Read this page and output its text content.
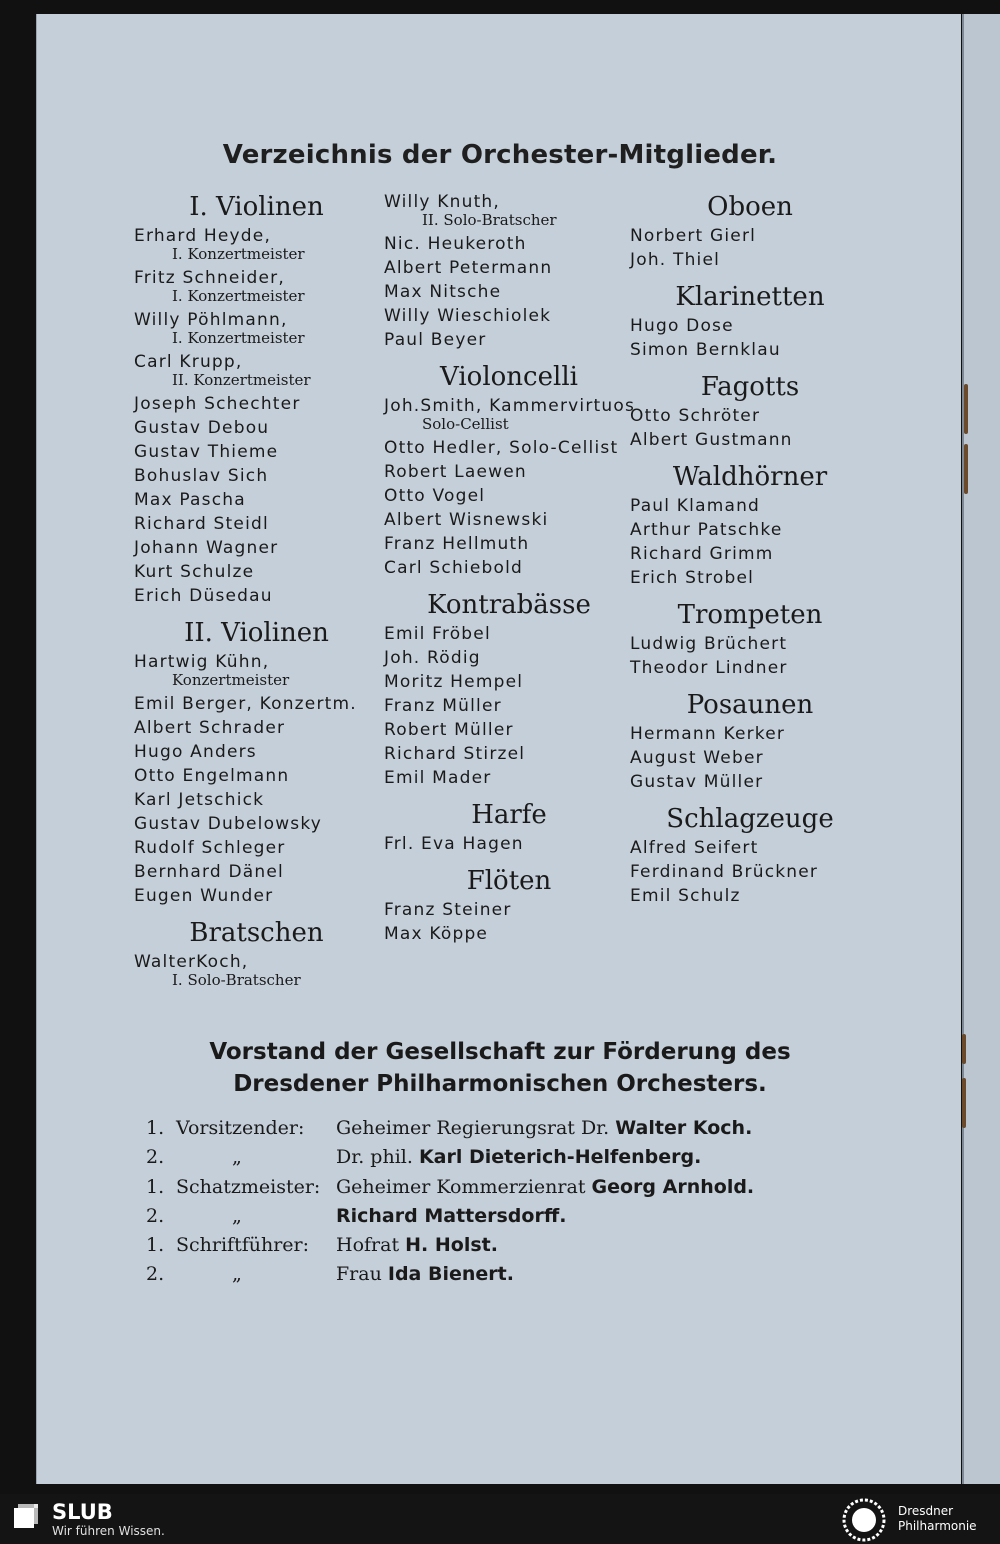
Verzeichnis der Orchester-Mitglieder.
I. Violinen
Erhard Heyde,
I. Konzertmeister
Fritz Schneider,
I. Konzertmeister
Willy Pöhlmann,
I. Konzertmeister
Carl Krupp,
II. Konzertmeister
Joseph Schechter
Gustav Debou
Gustav Thieme
Bohuslav Sich
Max Pascha
Richard Steidl
Johann Wagner
Kurt Schulze
Erich Düsedau
II. Violinen
Hartwig Kühn,
Konzertmeister
Emil Berger, Konzertm.
Albert Schrader
Hugo Anders
Otto Engelmann
Karl Jetschick
Gustav Dubelowsky
Rudolf Schleger
Bernhard Dänel
Eugen Wunder
Bratschen
WalterKoch,
I. Solo-Bratscher
Willy Knuth,
II. Solo-Bratscher
Nic. Heukeroth
Albert Petermann
Max Nitsche
Willy Wieschiolek
Paul Beyer
Violoncelli
Joh.Smith, Kammervirtuos
Solo-Cellist
Otto Hedler, Solo-Cellist
Robert Laewen
Otto Vogel
Albert Wisnewski
Franz Hellmuth
Carl Schiebold
Kontrabässe
Emil Fröbel
Joh. Rödig
Moritz Hempel
Franz Müller
Robert Müller
Richard Stirzel
Emil Mader
Harfe
Frl. Eva Hagen
Flöten
Franz Steiner
Max Köppe
Oboen
Norbert Gierl
Joh. Thiel
Klarinetten
Hugo Dose
Simon Bernklau
Fagotts
Otto Schröter
Albert Gustmann
Waldhörner
Paul Klamand
Arthur Patschke
Richard Grimm
Erich Strobel
Trompeten
Ludwig Brüchert
Theodor Lindner
Posaunen
Hermann Kerker
August Weber
Gustav Müller
Schlagzeuge
Alfred Seifert
Ferdinand Brückner
Emil Schulz
Vorstand der Gesellschaft zur Förderung des
Dresdener Philharmonischen Orchesters.
1. Vorsitzender: Geheimer Regierungsrat Dr. Walter Koch.
2.	„	Dr. phil. Karl Dieterich-Helfenberg.
1. Schatzmeister: Geheimer Kommerzienrat Georg Arnhold.
2.	„	Richard Mattersdorff.
1. Schriftführer: Hofrat H. Holst.
2.	„	Frau Ida Bienert.
SLUB
Wir führen Wissen.
Dresdner
Philharmonie
